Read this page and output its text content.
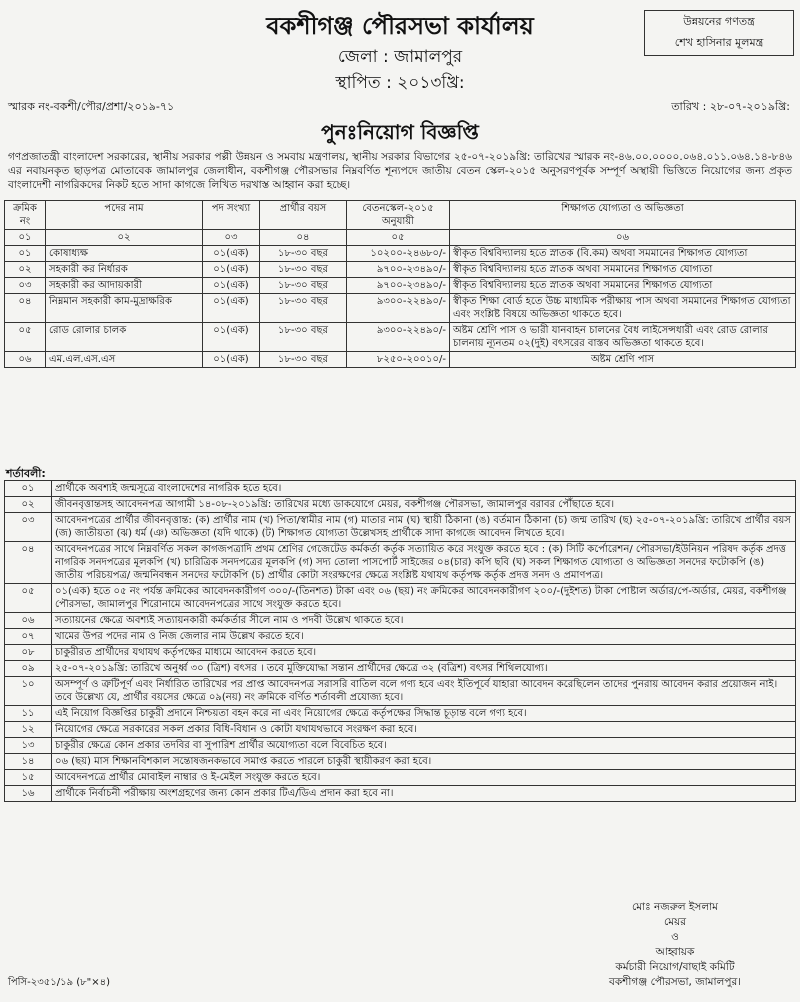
বকশীগঞ্জ পৌরসভা কার্যালয়
জেলা : জামালপুর
স্থাপিত : ২০১৩খ্রি:
উন্নয়নের গণতন্ত্র
শেখ হাসিনার মূলমন্ত্র
স্মারক নং-বকশী/পৌর/প্রশা/২০১৯-৭১	তারিখ : ২৮-০৭-২০১৯খ্রি:
পুনঃনিয়োগ বিজ্ঞপ্তি
গণপ্রজাতন্ত্রী বাংলাদেশ সরকারের, স্থানীয় সরকার পল্লী উন্নয়ন ও সমবায় মন্ত্রণালয়, স্থানীয় সরকার বিভাগের ২৫-০৭-২০১৯খ্রি: তারিখের স্মারক নং-৪৬.০০.০০০০.০৬৪.০১১.০৬৪.১৪-৮৪৬ এর নবায়নকৃত ছাড়পত্র মোতাবেক জামালপুর জেলাধীন, বকশীগঞ্জ পৌরসভার নিম্নবর্ণিত শূন্যপদে জাতীয় বেতন স্কেল-২০১৫ অনুসরণপূর্বক সম্পূর্ণ অস্থায়ী ভিত্তিতে নিয়োগের জন্য প্রকৃত বাংলাদেশী নাগরিকদের নিকট হতে সাদা কাগজে লিখিত দরখাস্ত আহ্বান করা হচ্ছে।
ক্রমিক নং	পদের নাম	পদ সংখ্যা	প্রার্থীর বয়স	বেতনস্কেল-২০১৫ অনুযায়ী	শিক্ষাগত যোগ্যতা ও অভিজ্ঞতা
০১	০২	০৩	০৪	০৫	০৬
০১	কোষাধ্যক্ষ	০১(এক)	১৮-৩০ বছর	১০২০০-২৪৬৮০/-	স্বীকৃত বিশ্ববিদ্যালয় হতে স্নাতক (বি.কম) অথবা সমমানের শিক্ষাগত যোগ্যতা
০২	সহকারী কর নির্ধারক	০১(এক)	১৮-৩০ বছর	৯৭০০-২৩৪৯০/-	স্বীকৃত বিশ্ববিদ্যালয় হতে স্নাতক অথবা সমমানের শিক্ষাগত যোগ্যতা
০৩	সহকারী কর আদায়কারী	০১(এক)	১৮-৩০ বছর	৯৭০০-২৩৪৯০/-	স্বীকৃত বিশ্ববিদ্যালয় হতে স্নাতক অথবা সমমানের শিক্ষাগত যোগ্যতা
০৪	নিম্নমান সহকারী কাম-মুদ্রাক্ষরিক	০১(এক)	১৮-৩০ বছর	৯৩০০-২২৪৯০/-	স্বীকৃত শিক্ষা বোর্ড হতে উচ্চ মাধ্যমিক পরীক্ষায় পাস অথবা সমমানের শিক্ষাগত যোগ্যতা এবং সংশ্লিষ্ট বিষয়ে অভিজ্ঞতা থাকতে হবে।
০৫	রোড রোলার চালক	০১(এক)	১৮-৩০ বছর	৯৩০০-২২৪৯০/-	অষ্টম শ্রেণি পাস ও ভারী যানবাহন চালনের বৈধ লাইসেন্সধারী এবং রোড রোলার চালনায় ন্যূনতম ০২(দুই) বৎসরের বাস্তব অভিজ্ঞতা থাকতে হবে।
০৬	এম.এল.এস.এস	০১(এক)	১৮-৩০ বছর	৮২৫০-২০০১০/-	অষ্টম শ্রেণি পাস
শর্তাবলী:
০১	প্রার্থীকে অবশ্যই জন্মসূত্রে বাংলাদেশের নাগরিক হতে হবে।
০২	জীবনবৃত্তান্তসহ আবেদনপত্র আগামী ১৪-০৮-২০১৯খ্রি: তারিখের মধ্যে ডাকযোগে মেয়র, বকশীগঞ্জ পৌরসভা, জামালপুর বরাবর পৌঁছাতে হবে।
০৩	আবেদনপত্রের প্রার্থীর জীবনবৃত্তান্ত: (ক) প্রার্থীর নাম (খ) পিতা/স্বামীর নাম (গ) মাতার নাম (ঘ) স্থায়ী ঠিকানা (ঙ) বর্তমান ঠিকানা (চ) জন্ম তারিখ (ছ) ২৫-০৭-২০১৯খ্রি: তারিখে প্রার্থীর বয়স (জ) জাতীয়তা (ঝ) ধর্ম (ঞ) অভিজ্ঞতা (যদি থাকে) (ট) শিক্ষাগত যোগ্যতা উল্লেখসহ প্রার্থীকে সাদা কাগজে আবেদন লিখতে হবে।
০৪	আবেদনপত্রের সাথে নিম্নবর্ণিত সকল কাগজপত্রাদি প্রথম শ্রেণির গেজেটেড কর্মকর্তা কর্তৃক সত্যায়িত করে সংযুক্ত করতে হবে : (ক) সিটি কর্পোরেশন/ পৌরসভা/ইউনিয়ন পরিষদ কর্তৃক প্রদত্ত নাগরিক সনদপত্রের মূলকপি (খ) চারিত্রিক সনদপত্রের মূলকপি (গ) সদ্য তোলা পাসপোর্ট সাইজের ০৪(চার) কপি ছবি (ঘ) সকল শিক্ষাগত যোগ্যতা ও অভিজ্ঞতা সনদের ফটোকপি (ঙ) জাতীয় পরিচয়পত্র/ জন্মনিবন্ধন সনদের ফটোকপি (চ) প্রার্থীর কোটা সংরক্ষণের ক্ষেত্রে সংশ্লিষ্ট যথাযথ কর্তৃপক্ষ কর্তৃক প্রদত্ত সনদ ও প্রমাণপত্র।
০৫	০১(এক) হতে ০৫ নং পর্যন্ত ক্রমিকের আবেদনকারীগণ ৩০০/-(তিনশত) টাকা এবং ০৬ (ছয়) নং ক্রমিকের আবেদনকারীগণ ২০০/-(দুইশত) টাকা পোষ্টাল অর্ডার/পে-অর্ডার, মেয়র, বকশীগঞ্জ পৌরসভা, জামালপুর শিরোনামে আবেদনপত্রের সাথে সংযুক্ত করতে হবে।
০৬	সত্যায়নের ক্ষেত্রে অবশ্যই সত্যায়নকারী কর্মকর্তার সীলে নাম ও পদবী উল্লেখ থাকতে হবে।
০৭	খামের উপর পদের নাম ও নিজ জেলার নাম উল্লেখ করতে হবে।
০৮	চাকুরীরত প্রার্থীদের যথাযথ কর্তৃপক্ষের মাধ্যমে আবেদন করতে হবে।
০৯	২৫-০৭-২০১৯খ্রি: তারিখে অনুর্ধ্ব ৩০ (ত্রিশ) বৎসর । তবে মুক্তিযোদ্ধা সন্তান প্রার্থীদের ক্ষেত্রে ৩২ (বত্রিশ) বৎসর শিথিলযোগ্য।
১০	অসম্পূর্ণ ও ত্রুটিপূর্ণ এবং নির্ধারিত তারিখের পর প্রাপ্ত আবেদনপত্র সরাসরি বাতিল বলে গণ্য হবে এবং ইতিপূর্বে যাহারা আবেদন করেছিলেন তাদের পুনরায় আবেদন করার প্রয়োজন নাই। তবে উল্লেখ্য যে, প্রার্থীর বয়সের ক্ষেত্রে ০৯(নয়) নং ক্রমিকে বর্ণিত শর্তাবলী প্রযোজ্য হবে।
১১	এই নিয়োগ বিজ্ঞপ্তির চাকুরী প্রদানে নিশ্চয়তা বহন করে না এবং নিয়োগের ক্ষেত্রে কর্তৃপক্ষের সিদ্ধান্ত চূড়ান্ত বলে গণ্য হবে।
১২	নিয়োগের ক্ষেত্রে সরকারের সকল প্রকার বিধি-বিধান ও কোটা যথাযথভাবে সংরক্ষণ করা হবে।
১৩	চাকুরীর ক্ষেত্রে কোন প্রকার তদবির বা সুপারিশ প্রার্থীর অযোগ্যতা বলে বিবেচিত হবে।
১৪	০৬ (ছয়) মাস শিক্ষানবিশকাল সন্তোষজনকভাবে সমাপ্ত করতে পারলে চাকুরী স্থায়ীকরণ করা হবে।
১৫	আবেদনপত্রে প্রার্থীর মোবাইল নাম্বার ও ই-মেইল সংযুক্ত করতে হবে।
১৬	প্রার্থীকে নির্বাচনী পরীক্ষায় অংশগ্রহণের জন্য কোন প্রকার টিএ/ডিএ প্রদান করা হবে না।
মোঃ নজরুল ইসলাম
মেয়র
ও
আহ্বায়ক
কর্মচারী নিয়োগ/বাছাই কমিটি
বকশীগঞ্জ পৌরসভা, জামালপুর।
পিসি-২৩৫১/১৯ (৮"×৪)
